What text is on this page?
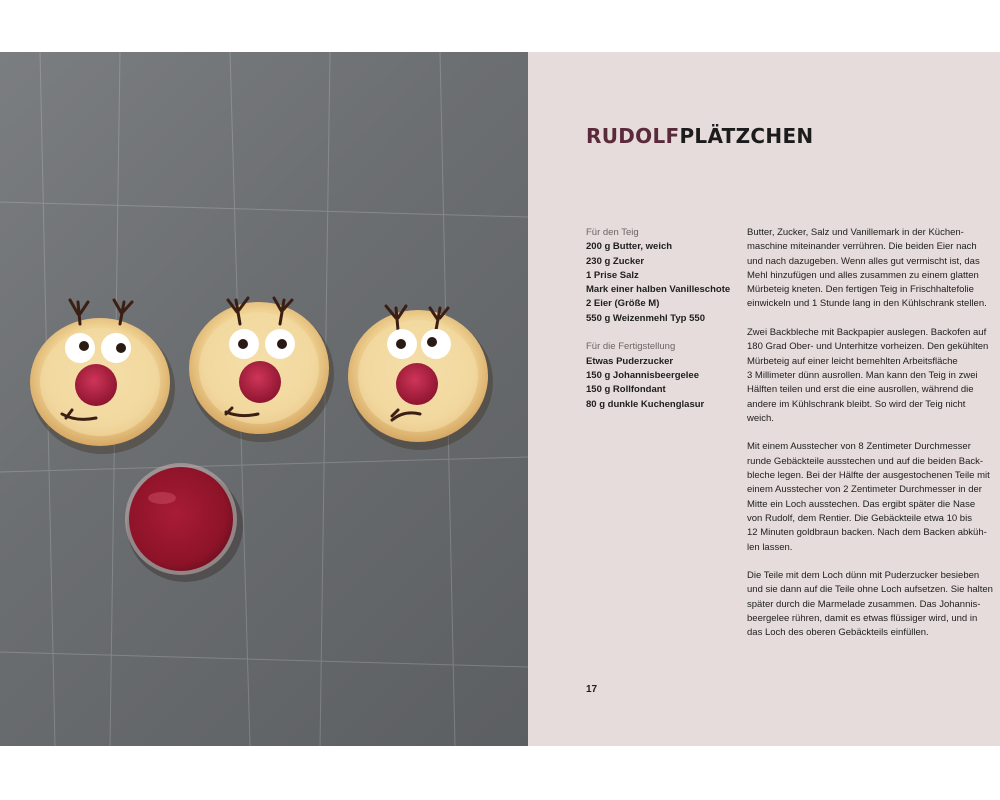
RUDOLFPLÄTZCHEN
Für den Teig
200 g Butter, weich
230 g Zucker
1 Prise Salz
Mark einer halben Vanilleschote
2 Eier (Größe M)
550 g Weizenmehl Typ 550
Für die Fertigstellung
Etwas Puderzucker
150 g Johannisbeergelee
150 g Rollfondant
80 g dunkle Kuchenglasur

Butter, Zucker, Salz und Vanillemark in der Küchen-
maschine miteinander verrühren. Die beiden Eier nach
und nach dazugeben. Wenn alles gut vermischt ist, das
Mehl hinzufügen und alles zusammen zu einem glatten
Mürbeteig kneten. Den fertigen Teig in Frischhaltefolie
einwickeln und 1 Stunde lang in den Kühlschrank stellen.

Zwei Backbleche mit Backpapier auslegen. Backofen auf
180 Grad Ober- und Unterhitze vorheizen. Den gekühlten
Mürbeteig auf einer leicht bemehlten Arbeitsfläche
3 Millimeter dünn ausrollen. Man kann den Teig in zwei
Hälften teilen und erst die eine ausrollen, während die
andere im Kühlschrank bleibt. So wird der Teig nicht
weich.

Mit einem Ausstecher von 8 Zentimeter Durchmesser
runde Gebäckteile ausstechen und auf die beiden Back-
bleche legen. Bei der Hälfte der ausgestochenen Teile mit
einem Ausstecher von 2 Zentimeter Durchmesser in der
Mitte ein Loch ausstechen. Das ergibt später die Nase
von Rudolf, dem Rentier. Die Gebäckteile etwa 10 bis
12 Minuten goldbraun backen. Nach dem Backen abküh-
len lassen.

Die Teile mit dem Loch dünn mit Puderzucker besieben
und sie dann auf die Teile ohne Loch aufsetzen. Sie halten
später durch die Marmelade zusammen. Das Johannis-
beergelee rühren, damit es etwas flüssiger wird, und in
das Loch des oberen Gebäckteils einfüllen.

17
